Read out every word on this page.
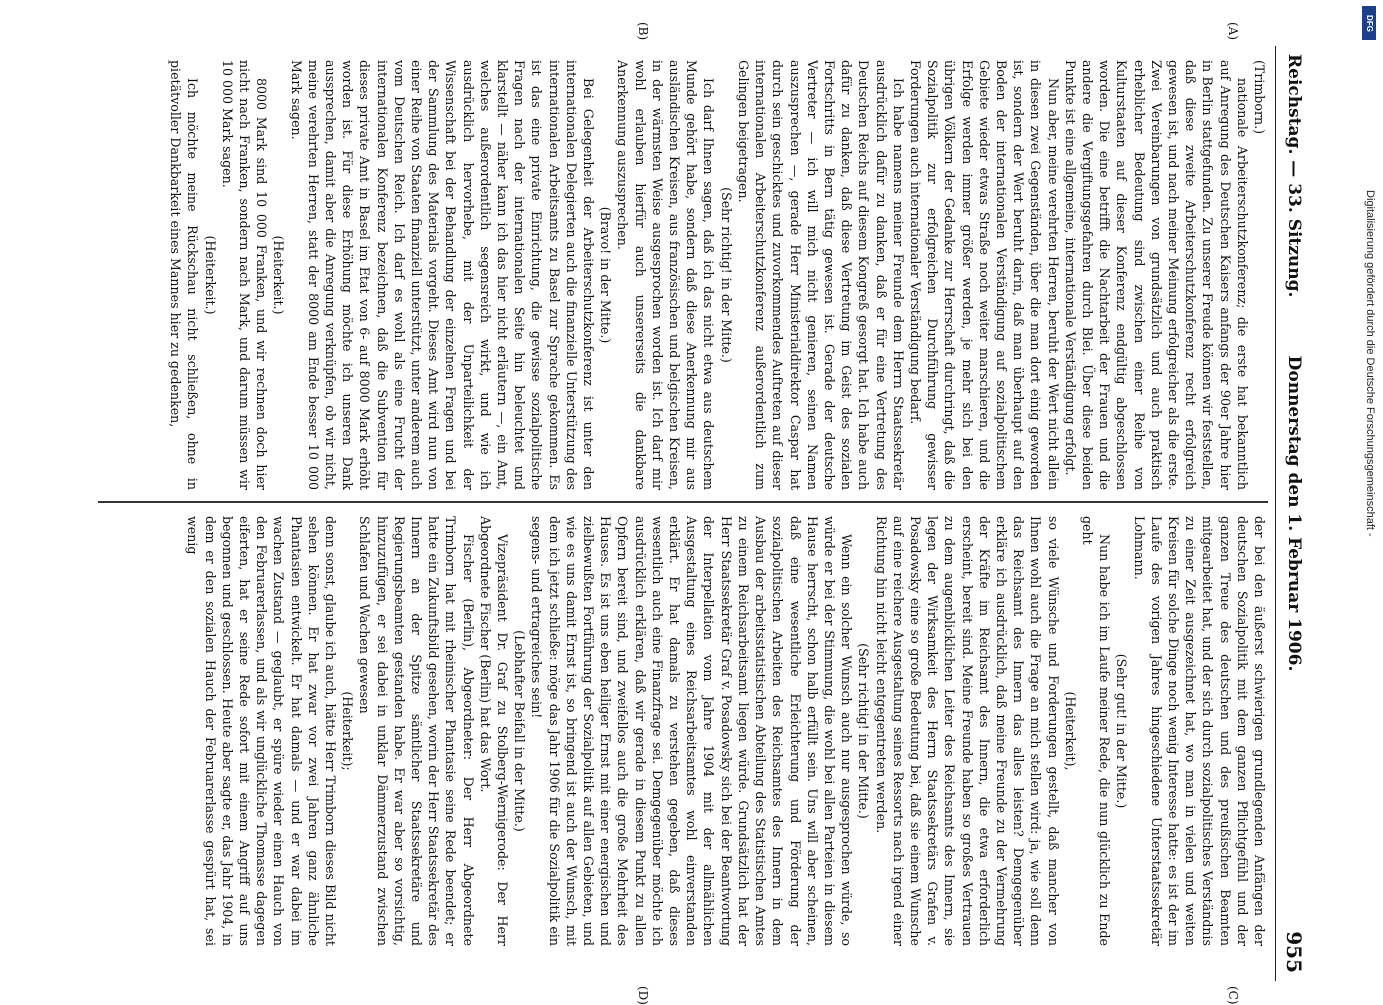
Reichstag. — 33. Sitzung.
Donnerstag den 1. Februar 1906.
955
(A)
(B)
(C)
(D)

(Trimborn.)

nationale Arbeiterschutzkonferenz; die erste hat bekanntlich auf Anregung des Deutschen Kaisers anfangs der 90er Jahre hier in Berlin stattgefunden. Zu unserer Freude können wir feststellen, daß diese zweite Arbeiterschutzkonferenz recht erfolgreich gewesen ist, und nach meiner Meinung erfolgreicher als die erste. Zwei Vereinbarungen von grundsätzlich und auch praktisch erheblicher Bedeutung sind zwischen einer Reihe von Kulturstaaten auf dieser Konferenz endgültig abgeschlossen worden. Die eine betrifft die Nachtarbeit der Frauen und die andere die Vergiftungsgefahren durch Blei. Über diese beiden Punkte ist eine allgemeine, internationale Verständigung erfolgt.

Nun aber, meine verehrten Herren, beruht der Wert nicht allein in diesen zwei Gegenständen, über die man dort einig geworden ist, sondern der Wert beruht darin, daß man überhaupt auf den Boden der internationalen Verständigung auf sozialpolitischem Gebiete wieder etwas Straße noch weiter marschieren, und die Erfolge werden immer größer werden, je mehr sich bei den übrigen Völkern der Gedanke zur Herrschaft durchringt, daß die Sozialpolitik zur erfolgreichen Durchführung gewisser Forderungen auch internationaler Verständigung bedarf.

Ich habe namens meiner Freunde dem Herrn Staatssekretär ausdrücklich dafür zu danken, daß er für eine Vertretung des Deutschen Reichs auf diesem Kongreß gesorgt hat. Ich habe auch dafür zu danken, daß diese Vertretung im Geist des sozialen Fortschritts in Bern tätig gewesen ist. Gerade der deutsche Vertreter — ich will mich nicht genieren, seinen Namen auszusprechen —, gerade Herr Ministerialdirektor Caspar hat durch sein geschicktes und zuvorkommendes Auftreten auf dieser internationalen Arbeiterschutzkonferenz außerordentlich zum Gelingen beigetragen.

(Sehr richtig! in der Mitte.)

Ich darf Ihnen sagen, daß ich das nicht etwa aus deutschem Munde gehört habe, sondern daß diese Anerkennung mir aus ausländischen Kreisen, aus französischen und belgischen Kreisen, in der wärmsten Weise ausgesprochen worden ist. Ich darf mir wohl erlauben hierfür auch unsererseits die dankbare Anerkennung auszusprechen.

(Bravo! in der Mitte.)

Bei Gelegenheit der Arbeiterschutzkonferenz ist unter den internationalen Delegierten auch die finanzielle Unterstützung des internationalen Arbeitsamts zu Basel zur Sprache gekommen. Es ist das eine private Einrichtung, die gewisse sozialpolitische Fragen nach der internationalen Seite hin beleuchtet und klarstellt — näher kann ich das hier nicht erläutern —, ein Amt, welches außerordentlich segensreich wirkt, und wie ich ausdrücklich hervorhebe, mit der Unparteilichkeit der Wissenschaft bei der Behandlung der einzelnen Fragen und bei der Sammlung des Materials vorgeht. Dieses Amt wird nun von einer Reihe von Staaten finanziell unterstützt, unter anderem auch vom Deutschen Reich. Ich darf es wohl als eine Frucht der internationalen Konferenz bezeichnen, daß die Subvention für dieses private Amt in Basel im Etat von 6- auf 8000 Mark erhöht worden ist. Für diese Erhöhung möchte ich unseren Dank aussprechen, damit aber die Anregung verknüpfen, ob wir nicht, meine verehrten Herren, statt der 8000 am Ende besser 10 000 Mark sagen.

(Heiterkeit.)

8000 Mark sind 10 000 Franken, und wir rechnen doch hier nicht nach Franken, sondern nach Mark, und darum müssen wir 10 000 Mark sagen.

(Heiterkeit.)

Ich möchte meine Rückschau nicht schließen, ohne in pietätvoller Dankbarkeit eines Mannes hier zu gedenken,

der bei den äußerst schwierigen grundlegenden Anfängen der deutschen Sozialpolitik mit dem ganzen Pflichtgefühl und der ganzen Treue des deutschen und des preußischen Beamten mitgearbeitet hat, und der sich durch sozialpolitisches Verständnis zu einer Zeit ausgezeichnet hat, wo man in vielen und weiten Kreisen für solche Dinge noch wenig Interesse hatte: es ist der im Laufe des vorigen Jahres hingeschiedene Unterstaatssekretär Lohmann.

(Sehr gut! in der Mitte.)

Nun habe ich im Laufe meiner Rede, die nun glücklich zu Ende geht

(Heiterkeit),

so viele Wünsche und Forderungen gestellt, daß mancher von Ihnen wohl auch die Frage an mich stellen wird: ja, wie soll denn das Reichsamt des Innern das alles leisten? Demgegenüber erkläre ich ausdrücklich, daß meine Freunde zu der Vermehrung der Kräfte im Reichsamt des Innern, die etwa erforderlich erscheint, bereit sind. Meine Freunde haben so großes Vertrauen zu dem augenblicklichen Leiter des Reichsamts des Innern, sie legen der Wirksamkeit des Herrn Staatssekretärs Grafen v. Posadowsky eine so große Bedeutung bei, daß sie einem Wunsche auf eine reichere Ausgestaltung seines Ressorts nach irgend einer Richtung hin nicht leicht entgegentreten werden.

(Sehr richtig! in der Mitte.)

Wenn ein solcher Wunsch auch nur ausgesprochen würde, so würde er bei der Stimmung, die wohl bei allen Parteien in diesem Hause herrscht, schon halb erfüllt sein. Uns will aber scheinen, daß eine wesentliche Erleichterung und Förderung der sozialpolitischen Arbeiten des Reichsamtes des Innern in dem Ausbau der arbeitsstatistischen Abteilung des Statistischen Amtes zu einem Reichsarbeitsamt liegen würde. Grundsätzlich hat der Herr Staatssekretär Graf v. Posadowsky sich bei der Beantwortung der Interpellation vom Jahre 1904 mit der allmählichen Ausgestaltung eines Reichsarbeitsamtes wohl einverstanden erklärt. Er hat damals zu verstehen gegeben, daß dieses wesentlich auch eine Finanzfrage sei. Demgegenüber möchte ich ausdrücklich erklären, daß wir gerade in diesem Punkt zu allen Opfern bereit sind, und zweifellos auch die große Mehrheit des Hauses. Es ist uns eben heiliger Ernst mit einer energischen und zielbewußten Fortführung der Sozialpolitik auf allen Gebieten, und wie es uns damit Ernst ist, so bringend ist auch der Wunsch, mit dem ich jetzt schließe: möge das Jahr 1906 für die Sozialpolitik ein segens- und ertragreiches sein!

(Lebhafter Beifall in der Mitte.)

Vizepräsident Dr. Graf zu Stolberg-Wernigerode: Der Herr Abgeordnete Fischer (Berlin) hat das Wort.

Fischer (Berlin), Abgeordneter: Der Herr Abgeordnete Trimborn hat mit rheinischer Phantasie seine Rede beendet; er hatte ein Zukunftsbild gesehen, worin der Herr Staatssekretär des Innern an der Spitze sämtlicher Staatssekretäre und Regierungsbeamten gestanden habe. Er war aber so vorsichtig, hinzuzufügen, er sei dabei in unklar Dämmerzustand zwischen Schlafen und Wachen gewesen

(Heiterkeit);

denn sonst, glaube ich auch, hätte Herr Trimborn dieses Bild nicht sehen können. Er hat zwar vor zwei Jahren ganz ähnliche Phantasien entwickelt. Er hat damals — und er war dabei im wachen Zustand — geglaubt, er spüre wieder einen Hauch von den Februarerlassen, und als wir unglückliche Thomasse dagegen eiferten, hat er seine Rede sofort mit einem Angriff auf uns begonnen und geschlossen. Heute aber sagte er, das Jahr 1904, in dem er den sozialen Hauch der Februarerlasse gespürt hat, sei wenig

DFG
Digitalisierung gefördert durch die Deutsche Forschungsgemeinschaft -
